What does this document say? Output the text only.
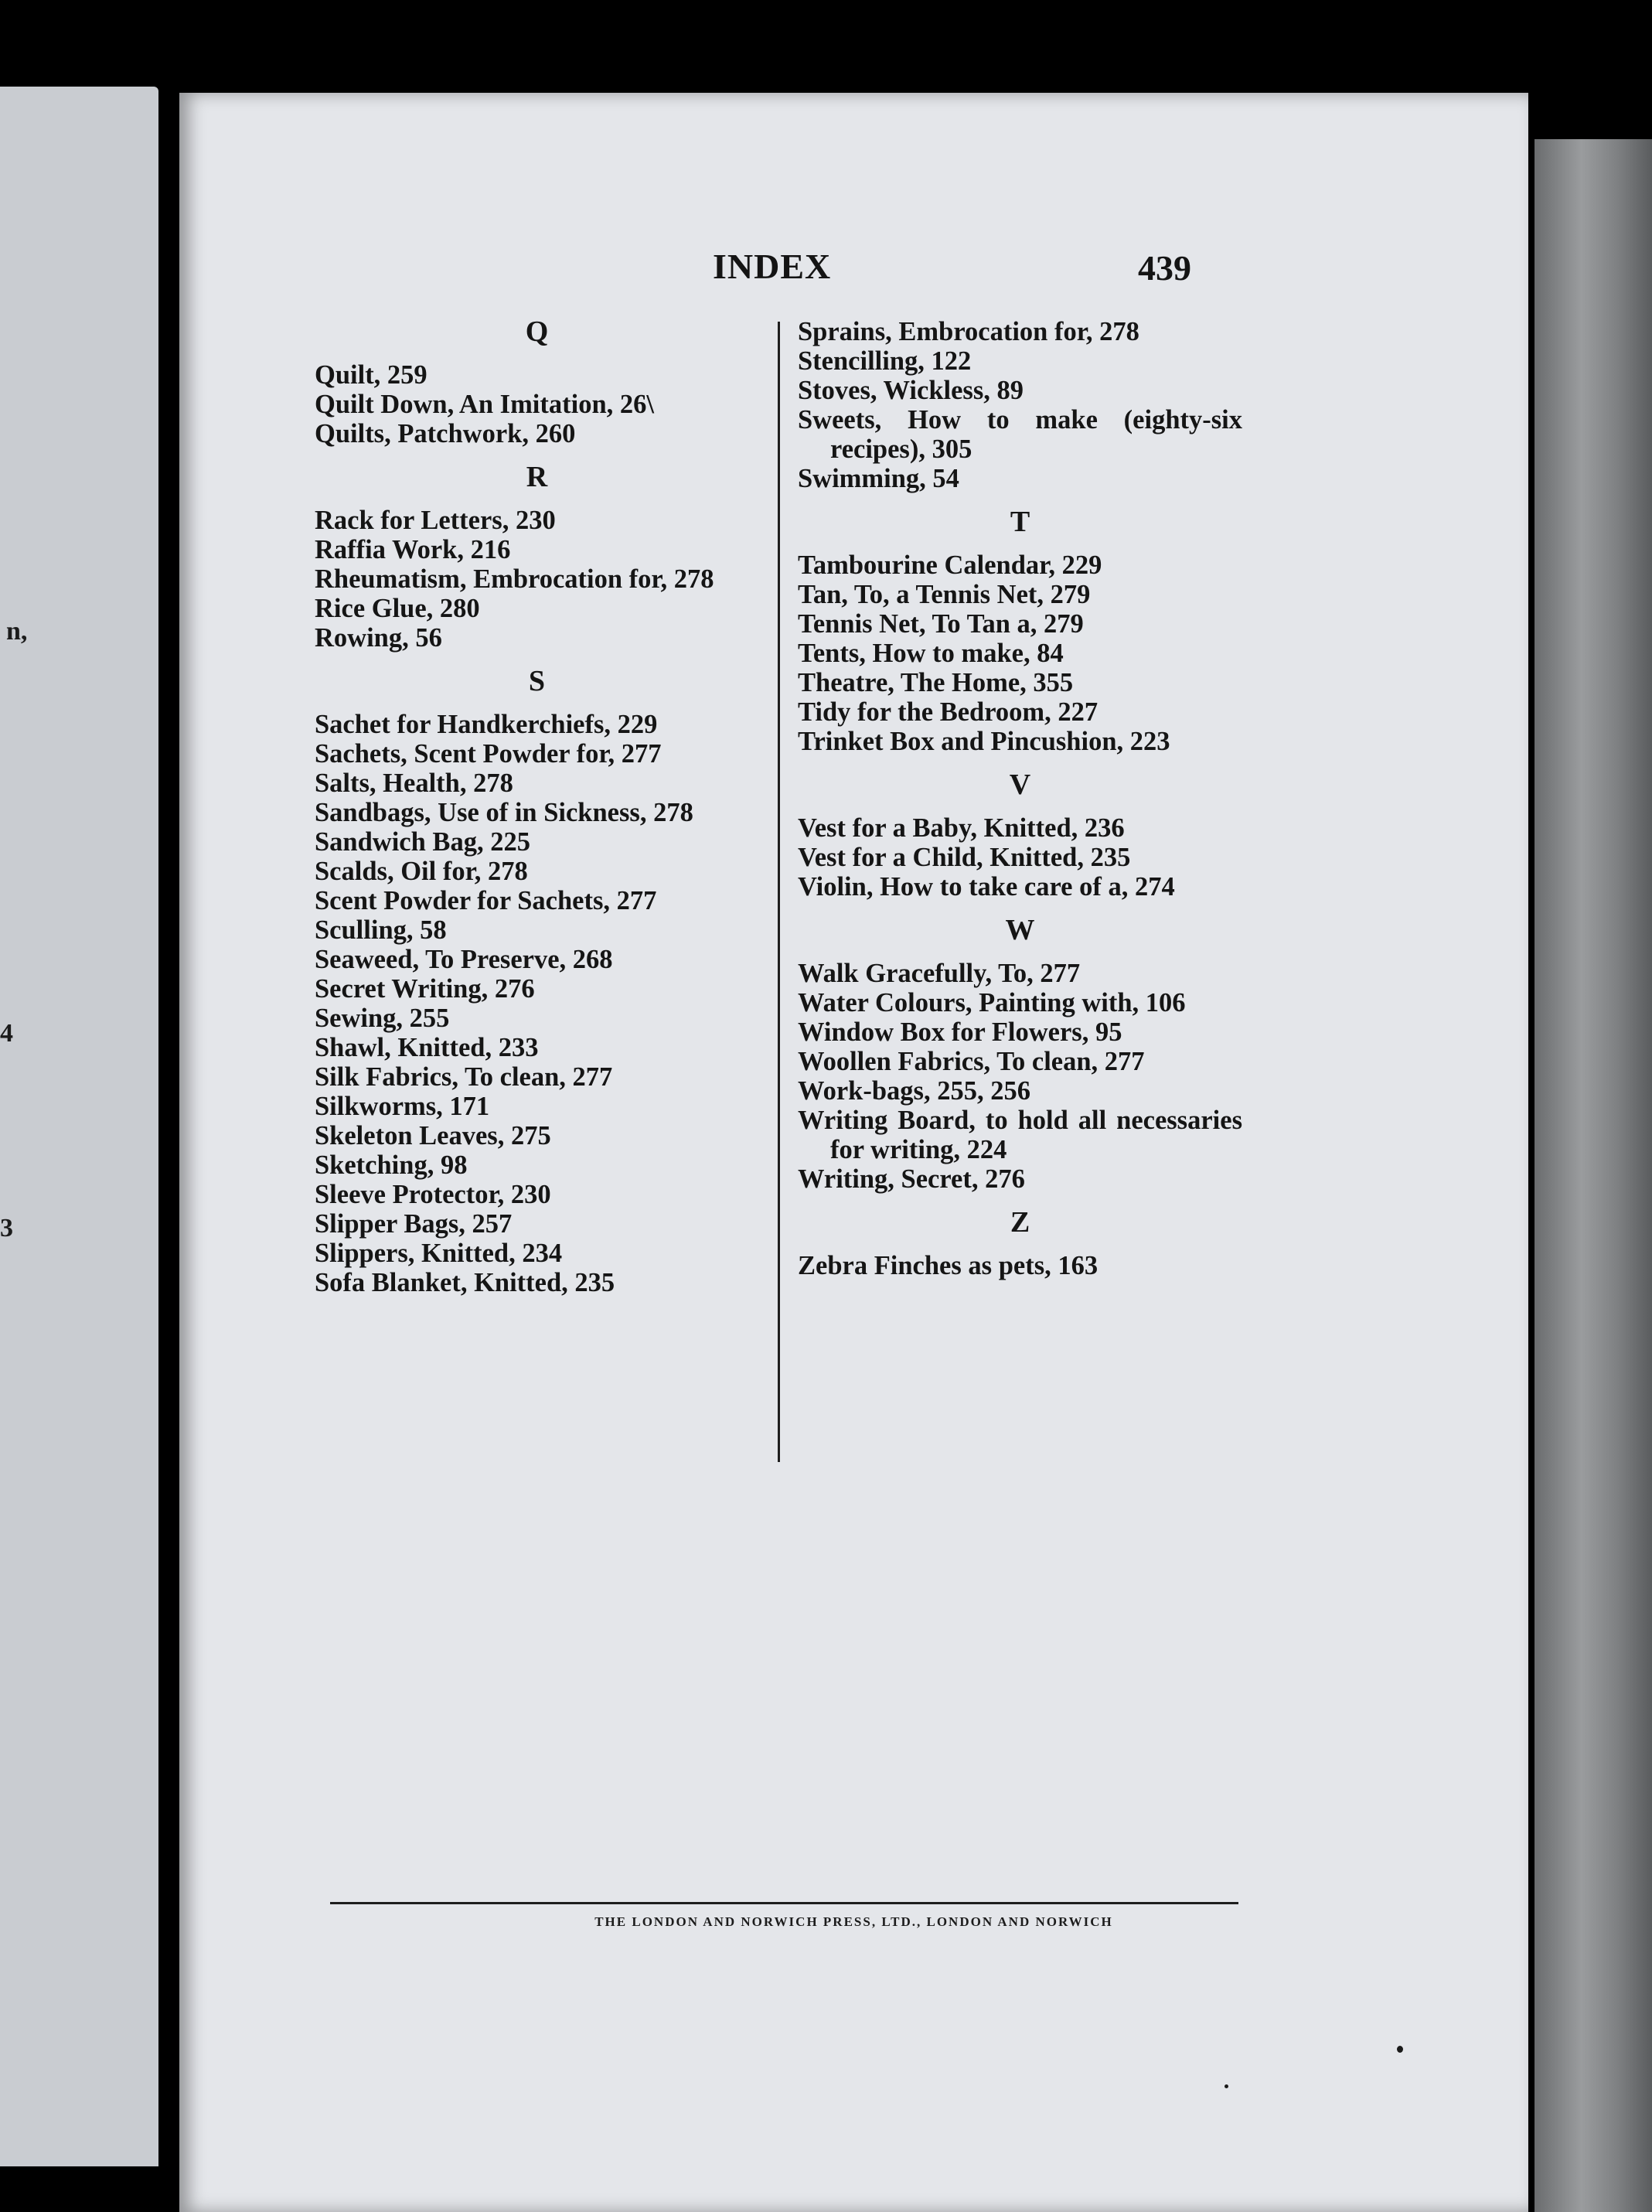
n,
4
3
INDEX	439
Q
Quilt, 259
Quilt Down, An Imitation, 26\
Quilts, Patchwork, 260
R
Rack for Letters, 230
Raffia Work, 216
Rheumatism, Embrocation for, 278
Rice Glue, 280
Rowing, 56
S
Sachet for Handkerchiefs, 229
Sachets, Scent Powder for, 277
Salts, Health, 278
Sandbags, Use of in Sickness, 278
Sandwich Bag, 225
Scalds, Oil for, 278
Scent Powder for Sachets, 277
Sculling, 58
Seaweed, To Preserve, 268
Secret Writing, 276
Sewing, 255
Shawl, Knitted, 233
Silk Fabrics, To clean, 277
Silkworms, 171
Skeleton Leaves, 275
Sketching, 98
Sleeve Protector, 230
Slipper Bags, 257
Slippers, Knitted, 234
Sofa Blanket, Knitted, 235
Sprains, Embrocation for, 278
Stencilling, 122
Stoves, Wickless, 89
Sweets, How to make (eighty-six recipes), 305
Swimming, 54
T
Tambourine Calendar, 229
Tan, To, a Tennis Net, 279
Tennis Net, To Tan a, 279
Tents, How to make, 84
Theatre, The Home, 355
Tidy for the Bedroom, 227
Trinket Box and Pincushion, 223
V
Vest for a Baby, Knitted, 236
Vest for a Child, Knitted, 235
Violin, How to take care of a, 274
W
Walk Gracefully, To, 277
Water Colours, Painting with, 106
Window Box for Flowers, 95
Woollen Fabrics, To clean, 277
Work-bags, 255, 256
Writing Board, to hold all necessaries for writing, 224
Writing, Secret, 276
Z
Zebra Finches as pets, 163
THE LONDON AND NORWICH PRESS, LTD., LONDON AND NORWICH
